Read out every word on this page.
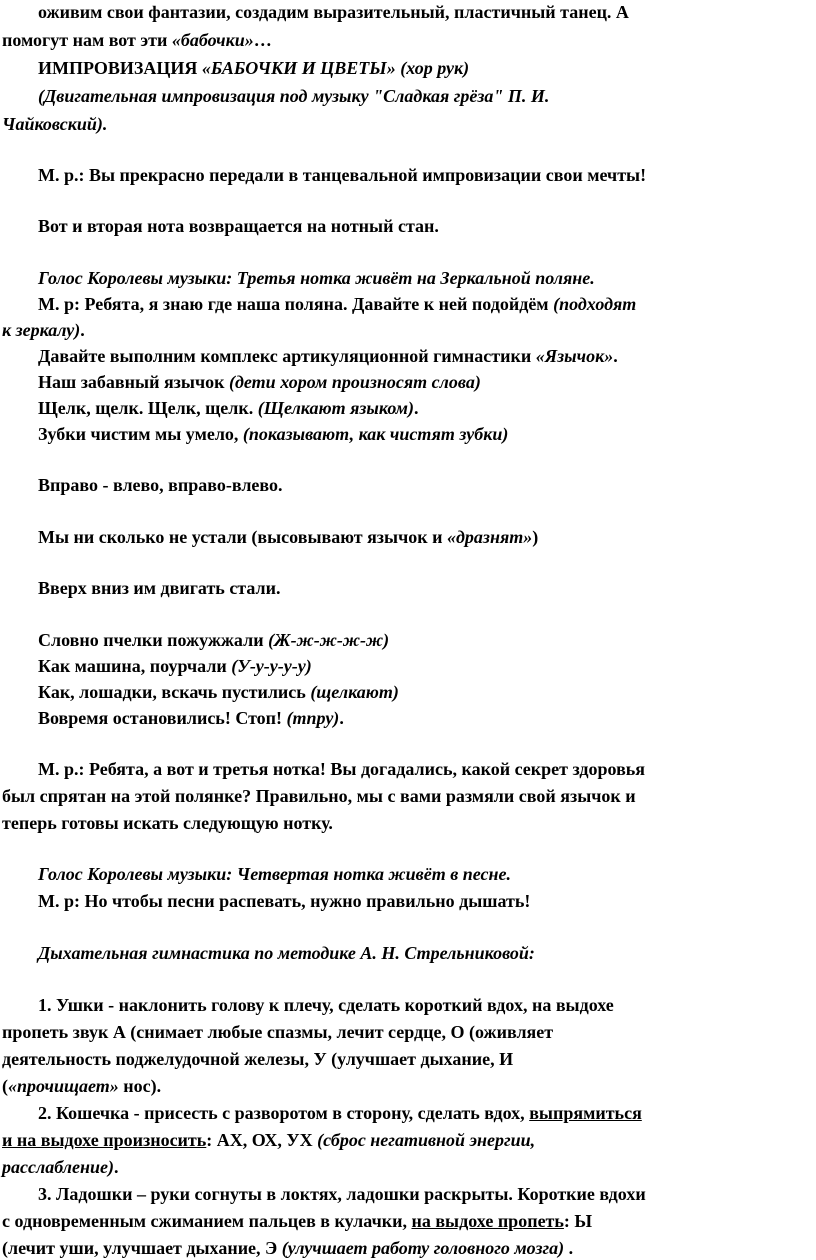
оживим свои фантазии, создадим выразительный, пластичный танец. А
помогут нам вот эти «бабочки»…
ИМПРОВИЗАЦИЯ «БАБОЧКИ И ЦВЕТЫ» (хор рук)
(Двигательная импровизация под музыку "Сладкая грёза" П. И.
Чайковский).
М. р.: Вы прекрасно передали в танцевальной импровизации свои мечты!
Вот и вторая нота возвращается на нотный стан.
Голос Королевы музыки: Третья нотка живёт на Зеркальной поляне.
М. р: Ребята, я знаю где наша поляна. Давайте к ней подойдём (подходят
к зеркалу).
Давайте выполним комплекс артикуляционной гимнастики «Язычок».
Наш забавный язычок (дети хором произносят слова)
Щелк, щелк. Щелк, щелк. (Щелкают языком).
Зубки чистим мы умело, (показывают, как чистят зубки)
Вправо - влево, вправо-влево.
Мы ни сколько не устали (высовывают язычок и «дразнят»)
Вверх вниз им двигать стали.
Словно пчелки пожужжали (Ж-ж-ж-ж-ж)
Как машина, поурчали (У-у-у-у-у)
Как, лошадки, вскачь пустились (щелкают)
Вовремя остановились! Стоп! (тпру).
М. р.: Ребята, а вот и третья нотка! Вы догадались, какой секрет здоровья
был спрятан на этой полянке? Правильно, мы с вами размяли свой язычок и
теперь готовы искать следующую нотку.
Голос Королевы музыки: Четвертая нотка живёт в песне.
М. р: Но чтобы песни распевать, нужно правильно дышать!
Дыхательная гимнастика по методике А. Н. Стрельниковой:
1. Ушки - наклонить голову к плечу, сделать короткий вдох, на выдохе
пропеть звук А (снимает любые спазмы, лечит сердце, О (оживляет
деятельность поджелудочной железы, У (улучшает дыхание, И
(«прочищает» нос).
2. Кошечка - присесть с разворотом в сторону, сделать вдох, выпрямиться
и на выдохе произносить: АХ, ОХ, УХ (сброс негативной энергии,
расслабление).
3. Ладошки – руки согнуты в локтях, ладошки раскрыты. Короткие вдохи
с одновременным сжиманием пальцев в кулачки, на выдохе пропеть: Ы
(лечит уши, улучшает дыхание, Э (улучшает работу головного мозга) .
